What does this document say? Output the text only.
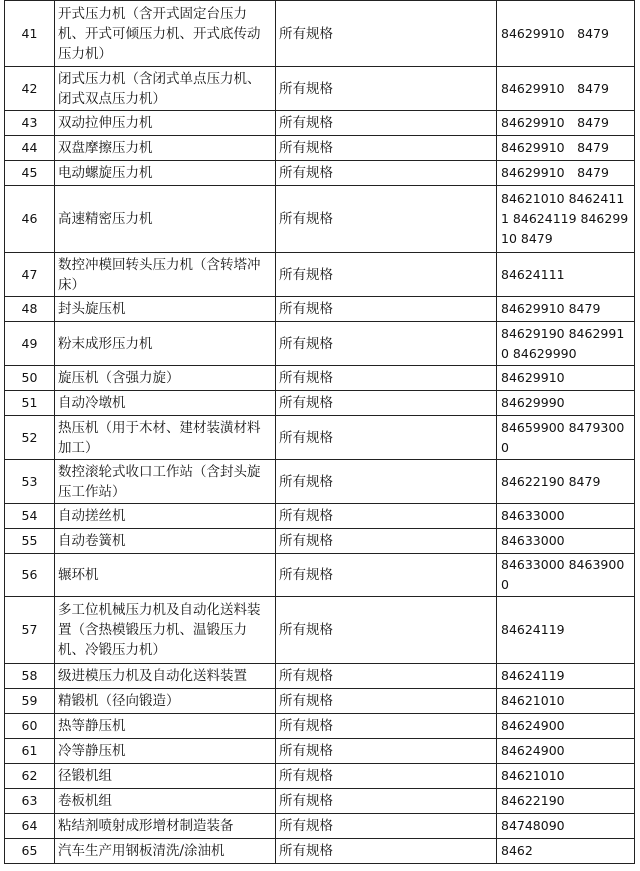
41	开式压力机（含开式固定台压力机、开式可倾压力机、开式底传动压力机）	所有规格	84629910　8479
42	闭式压力机（含闭式单点压力机、闭式双点压力机）	所有规格	84629910　8479
43	双动拉伸压力机	所有规格	84629910　8479
44	双盘摩擦压力机	所有规格	84629910　8479
45	电动螺旋压力机	所有规格	84629910　8479
46	高速精密压力机	所有规格	84621010 84624111 84624119 84629910 8479
47	数控冲模回转头压力机（含转塔冲床）	所有规格	84624111
48	封头旋压机	所有规格	84629910 8479
49	粉末成形压力机	所有规格	84629190 84629910 84629990
50	旋压机（含强力旋）	所有规格	84629910
51	自动冷墩机	所有规格	84629990
52	热压机（用于木材、建材装潢材料加工）	所有规格	84659900 84793000
53	数控滚轮式收口工作站（含封头旋压工作站）	所有规格	84622190 8479
54	自动搓丝机	所有规格	84633000
55	自动卷簧机	所有规格	84633000
56	辗环机	所有规格	84633000 84639000
57	多工位机械压力机及自动化送料装置（含热模锻压力机、温锻压力机、冷锻压力机）	所有规格	84624119
58	级进模压力机及自动化送料装置	所有规格	84624119
59	精锻机（径向锻造）	所有规格	84621010
60	热等静压机	所有规格	84624900
61	冷等静压机	所有规格	84624900
62	径锻机组	所有规格	84621010
63	卷板机组	所有规格	84622190
64	粘结剂喷射成形增材制造装备	所有规格	84748090
65	汽车生产用钢板清洗/涂油机	所有规格	8462
